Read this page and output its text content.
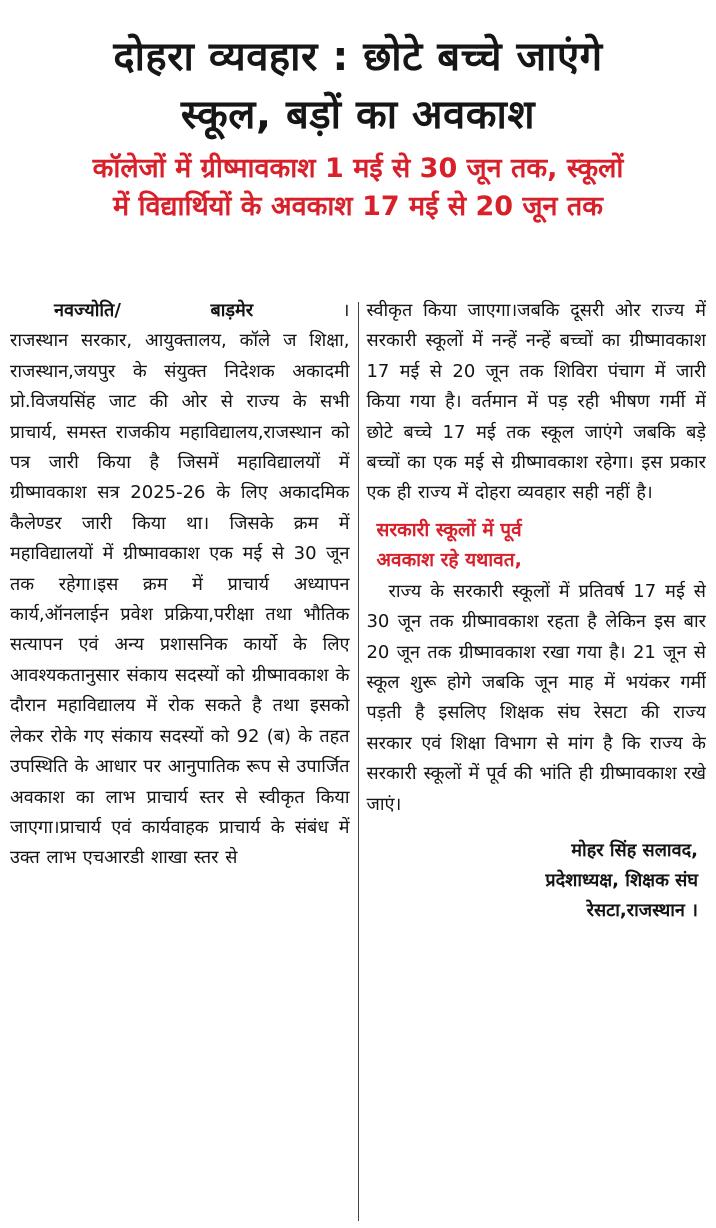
दोहरा व्यवहार : छोटे बच्चे जाएंगे
स्कूल, बड़ों का अवकाश
कॉलेजों में ग्रीष्मावकाश 1 मई से 30 जून तक, स्कूलों
में विद्यार्थियों के अवकाश 17 मई से 20 जून तक
नवज्योति/	बाड़मेर	।

राजस्थान सरकार, आयुक्तालय, कॉले ज शिक्षा, राजस्थान,जयपुर के संयुक्त निदेशक अकादमी प्रो.विजयसिंह जाट की ओर से राज्य के सभी प्राचार्य, समस्त राजकीय महाविद्यालय,राजस्थान को पत्र जारी किया है जिसमें महाविद्यालयों में ग्रीष्मावकाश सत्र 2025-26 के लिए अकादमिक कैलेण्डर जारी किया था। जिसके क्रम में महाविद्यालयों में ग्रीष्मावकाश एक मई से 30 जून तक रहेगा।इस क्रम में प्राचार्य अध्यापन कार्य,ऑनलाईन प्रवेश प्रक्रिया,परीक्षा तथा भौतिक सत्यापन एवं अन्य प्रशासनिक कार्यो के लिए आवश्यकतानुसार संकाय सदस्यों को ग्रीष्मावकाश के दौरान महाविद्यालय में रोक सकते है तथा इसको लेकर रोके गए संकाय सदस्यों को 92 (ब) के तहत उपस्थिति के आधार पर आनुपातिक रूप से उपार्जित अवकाश का लाभ प्राचार्य स्तर से स्वीकृत किया जाएगा।प्राचार्य एवं कार्यवाहक प्राचार्य के संबंध में उक्त लाभ एचआरडी शाखा स्तर से

स्वीकृत किया जाएगा।जबकि दूसरी ओर राज्य में सरकारी स्कूलों में नन्हें नन्हें बच्चों का ग्रीष्मावकाश 17 मई से 20 जून तक शिविरा पंचाग में जारी किया गया है। वर्तमान में पड़ रही भीषण गर्मी में छोटे बच्चे 17 मई तक स्कूल जाएंगे जबकि बड़े बच्चों का एक मई से ग्रीष्मावकाश रहेगा। इस प्रकार एक ही राज्य में दोहरा व्यवहार सही नहीं है।

सरकारी स्कूलों में पूर्व
अवकाश रहे यथावत,

राज्य के सरकारी स्कूलों में प्रतिवर्ष 17 मई से 30 जून तक ग्रीष्मावकाश रहता है लेकिन इस बार 20 जून तक ग्रीष्मावकाश रखा गया है। 21 जून से स्कूल शुरू होगे जबकि जून माह में भयंकर गर्मी पड़ती है इसलिए शिक्षक संघ रेसटा की राज्य सरकार एवं शिक्षा विभाग से मांग है कि राज्य के सरकारी स्कूलों में पूर्व की भांति ही ग्रीष्मावकाश रखे जाएं।

मोहर सिंह सलावद,
प्रदेशाध्यक्ष, शिक्षक संघ
रेसटा,राजस्थान ।
